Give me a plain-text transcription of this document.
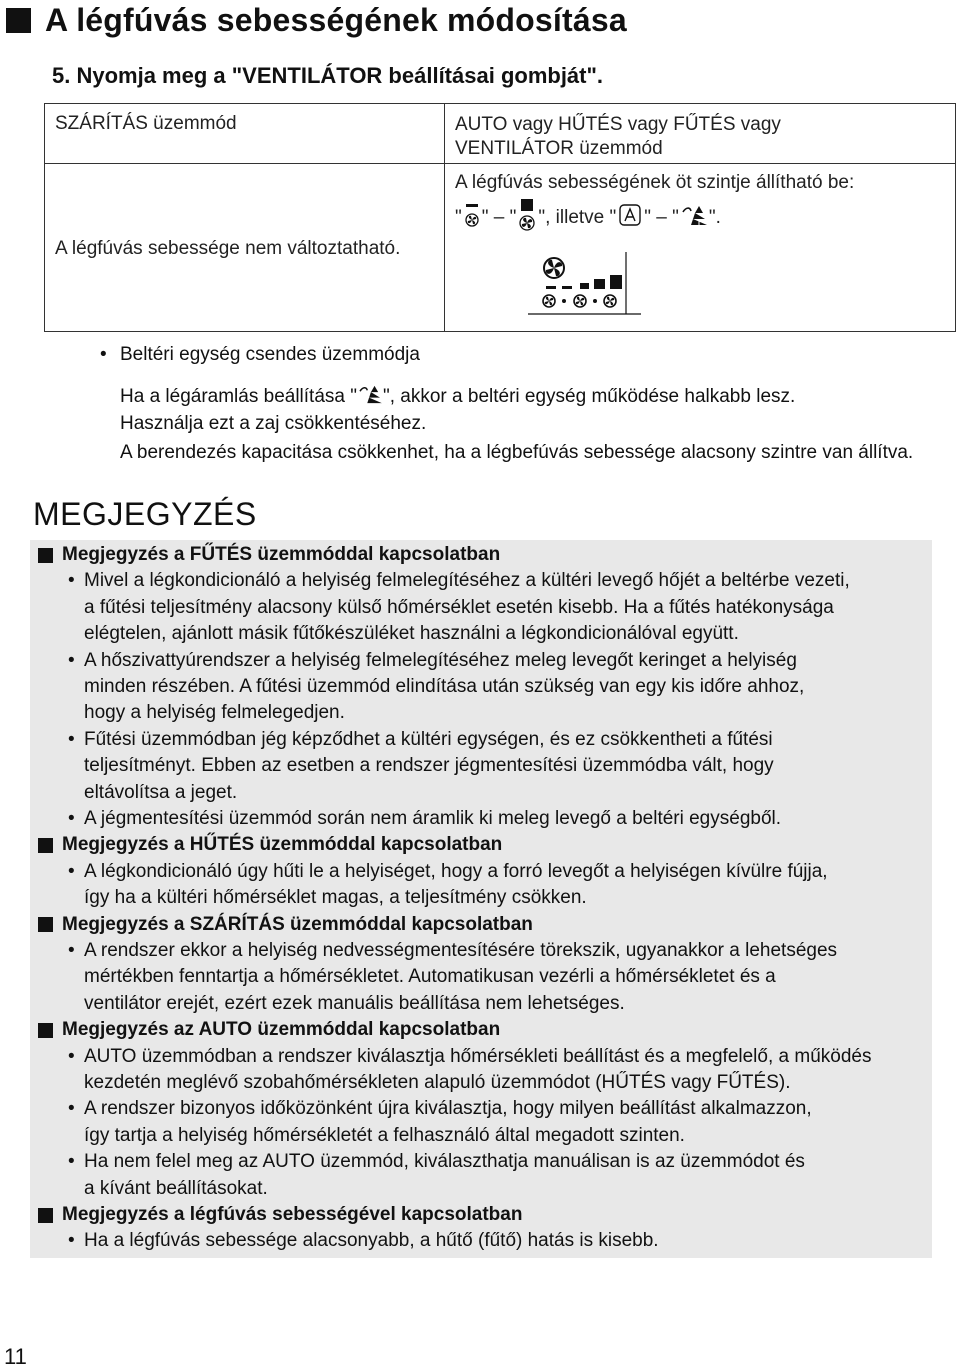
A légfúvás sebességének módosítása
5. Nyomja meg a "VENTILÁTOR beállításai gombját".
SZÁRÍTÁS üzemmód	AUTO vagy HŰTÉS vagy FŰTÉS vagy
VENTILÁTOR üzemmód
A légfúvás sebessége nem változtatható.
A légfúvás sebességének öt szintje állítható be:
" " – " ", illetve " " – " ".
• Beltéri egység csendes üzemmódja
Ha a légáramlás beállítása " ", akkor a beltéri egység működése halkabb lesz.
Használja ezt a zaj csökkentéséhez.
A berendezés kapacitása csökkenhet, ha a légbefúvás sebessége alacsony szintre van állítva.
MEGJEGYZÉS
Megjegyzés a FŰTÉS üzemmóddal kapcsolatban
• Mivel a légkondicionáló a helyiség felmelegítéséhez a kültéri levegő hőjét a beltérbe vezeti,
a fűtési teljesítmény alacsony külső hőmérséklet esetén kisebb. Ha a fűtés hatékonysága
elégtelen, ajánlott másik fűtőkészüléket használni a légkondicionálóval együtt.
• A hőszivattyúrendszer a helyiség felmelegítéséhez meleg levegőt keringet a helyiség
minden részében. A fűtési üzemmód elindítása után szükség van egy kis időre ahhoz,
hogy a helyiség felmelegedjen.
• Fűtési üzemmódban jég képződhet a kültéri egységen, és ez csökkentheti a fűtési
teljesítményt. Ebben az esetben a rendszer jégmentesítési üzemmódba vált, hogy
eltávolítsa a jeget.
• A jégmentesítési üzemmód során nem áramlik ki meleg levegő a beltéri egységből.
Megjegyzés a HŰTÉS üzemmóddal kapcsolatban
• A légkondicionáló úgy hűti le a helyiséget, hogy a forró levegőt a helyiségen kívülre fújja,
így ha a kültéri hőmérséklet magas, a teljesítmény csökken.
Megjegyzés a SZÁRÍTÁS üzemmóddal kapcsolatban
• A rendszer ekkor a helyiség nedvességmentesítésére törekszik, ugyanakkor a lehetséges
mértékben fenntartja a hőmérsékletet. Automatikusan vezérli a hőmérsékletet és a
ventilátor erejét, ezért ezek manuális beállítása nem lehetséges.
Megjegyzés az AUTO üzemmóddal kapcsolatban
• AUTO üzemmódban a rendszer kiválasztja hőmérsékleti beállítást és a megfelelő, a működés
kezdetén meglévő szobahőmérsékleten alapuló üzemmódot (HŰTÉS vagy FŰTÉS).
• A rendszer bizonyos időközönként újra kiválasztja, hogy milyen beállítást alkalmazzon,
így tartja a helyiség hőmérsékletét a felhasználó által megadott szinten.
• Ha nem felel meg az AUTO üzemmód, kiválaszthatja manuálisan is az üzemmódot és
a kívánt beállításokat.
Megjegyzés a légfúvás sebességével kapcsolatban
• Ha a légfúvás sebessége alacsonyabb, a hűtő (fűtő) hatás is kisebb.
11
